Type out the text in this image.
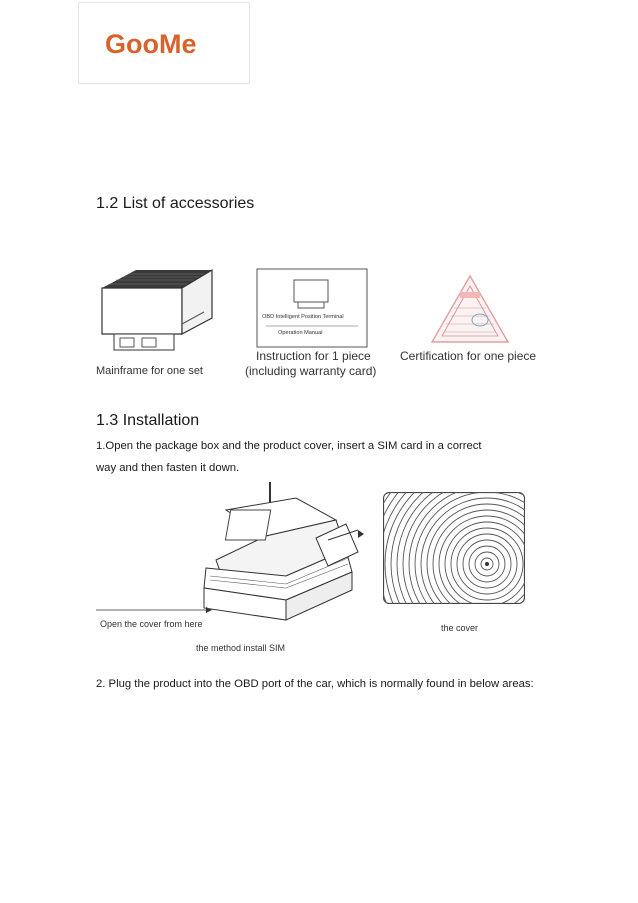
GooMe
1.2 List of accessories
Mainframe for one set
OBD Intelligent Position Terminal
Operation Manual
Instruction for 1 piece
(including warranty card)
Certification for one piece
1.3 Installation
1.Open the package box and the product cover, insert a SIM card in a correct
way and then fasten it down.
Open the cover from here
the method install SIM
the cover
2. Plug the product into the OBD port of the car, which is normally found in below areas:
